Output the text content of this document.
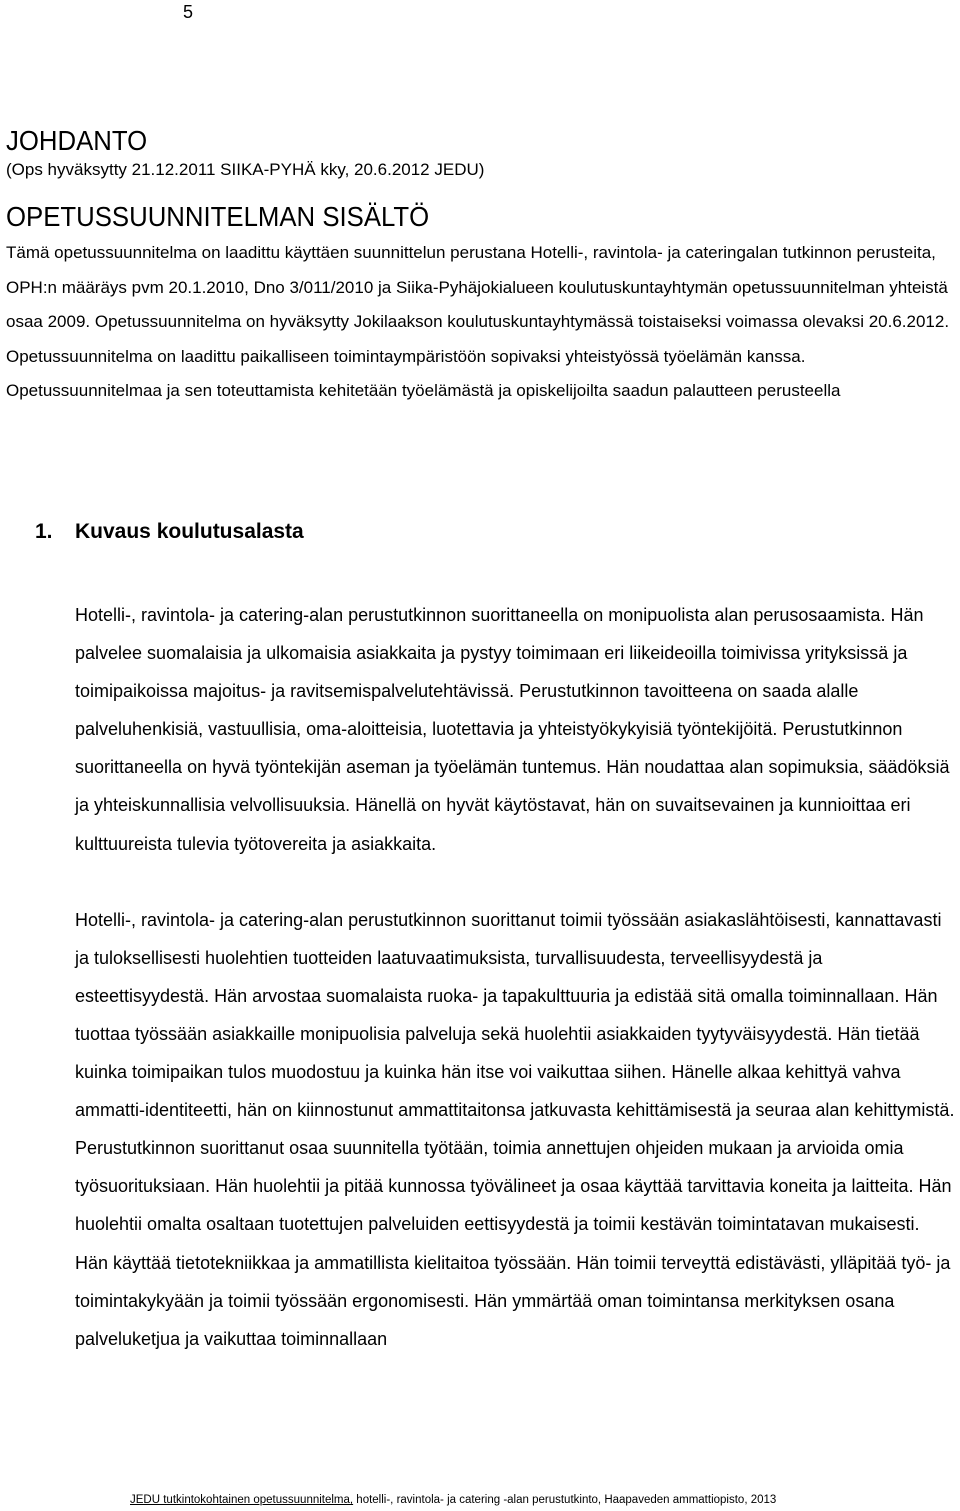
5
JOHDANTO

(Ops hyväksytty 21.12.2011 SIIKA-PYHÄ kky, 20.6.2012 JEDU)

OPETUSSUUNNITELMAN SISÄLTÖ

Tämä opetussuunnitelma on laadittu käyttäen suunnittelun perustana Hotelli-, ravintola- ja cateringalan tutkinnon perusteita, OPH:n määräys pvm 20.1.2010, Dno 3/011/2010 ja Siika-Pyhäjokialueen koulutuskuntayhtymän opetussuunnitelman yhteistä osaa 2009. Opetussuunnitelma on hyväksytty Jokilaakson koulutuskuntayhtymässä toistaiseksi voimassa olevaksi 20.6.2012. Opetussuunnitelma on laadittu paikalliseen toimintaympäristöön sopivaksi yhteistyössä työelämän kanssa. Opetussuunnitelmaa ja sen toteuttamista kehitetään työelämästä ja opiskelijoilta saadun palautteen perusteella

1. Kuvaus koulutusalasta

Hotelli-, ravintola- ja catering-alan perustutkinnon suorittaneella on monipuolista alan perusosaamista. Hän palvelee suomalaisia ja ulkomaisia asiakkaita ja pystyy toimimaan eri liikeideoilla toimivissa yrityksissä ja toimipaikoissa majoitus- ja ravitsemispalvelutehtävissä. Perustutkinnon tavoitteena on saada alalle palveluhenkisiä, vastuullisia, oma-aloitteisia, luotettavia ja yhteistyökykyisiä työntekijöitä. Perustutkinnon suorittaneella on hyvä työntekijän aseman ja työelämän tuntemus. Hän noudattaa alan sopimuksia, säädöksiä ja yhteiskunnallisia velvollisuuksia. Hänellä on hyvät käytöstavat, hän on suvaitsevainen ja kunnioittaa eri kulttuureista tulevia työtovereita ja asiakkaita.

Hotelli-, ravintola- ja catering-alan perustutkinnon suorittanut toimii työssään asiakaslähtöisesti, kannattavasti ja tuloksellisesti huolehtien tuotteiden laatuvaatimuksista, turvallisuudesta, terveellisyydestä ja esteettisyydestä. Hän arvostaa suomalaista ruoka- ja tapakulttuuria ja edistää sitä omalla toiminnallaan. Hän tuottaa työssään asiakkaille monipuolisia palveluja sekä huolehtii asiakkaiden tyytyväisyydestä. Hän tietää kuinka toimipaikan tulos muodostuu ja kuinka hän itse voi vaikuttaa siihen. Hänelle alkaa kehittyä vahva ammatti-identiteetti, hän on kiinnostunut ammattitaitonsa jatkuvasta kehittämisestä ja seuraa alan kehittymistä. Perustutkinnon suorittanut osaa suunnitella työtään, toimia annettujen ohjeiden mukaan ja arvioida omia työsuorituksiaan. Hän huolehtii ja pitää kunnossa työvälineet ja osaa käyttää tarvittavia koneita ja laitteita. Hän huolehtii omalta osaltaan tuotettujen palveluiden eettisyydestä ja toimii kestävän toimintatavan mukaisesti. Hän käyttää tietotekniikkaa ja ammatillista kielitaitoa työssään. Hän toimii terveyttä edistävästi, ylläpitää työ- ja toimintakykyään ja toimii työssään ergonomisesti. Hän ymmärtää oman toimintansa merkityksen osana palveluketjua ja vaikuttaa toiminnallaan

JEDU tutkintokohtainen opetussuunnitelma, hotelli-, ravintola- ja catering -alan perustutkinto, Haapaveden ammattiopisto, 2013
